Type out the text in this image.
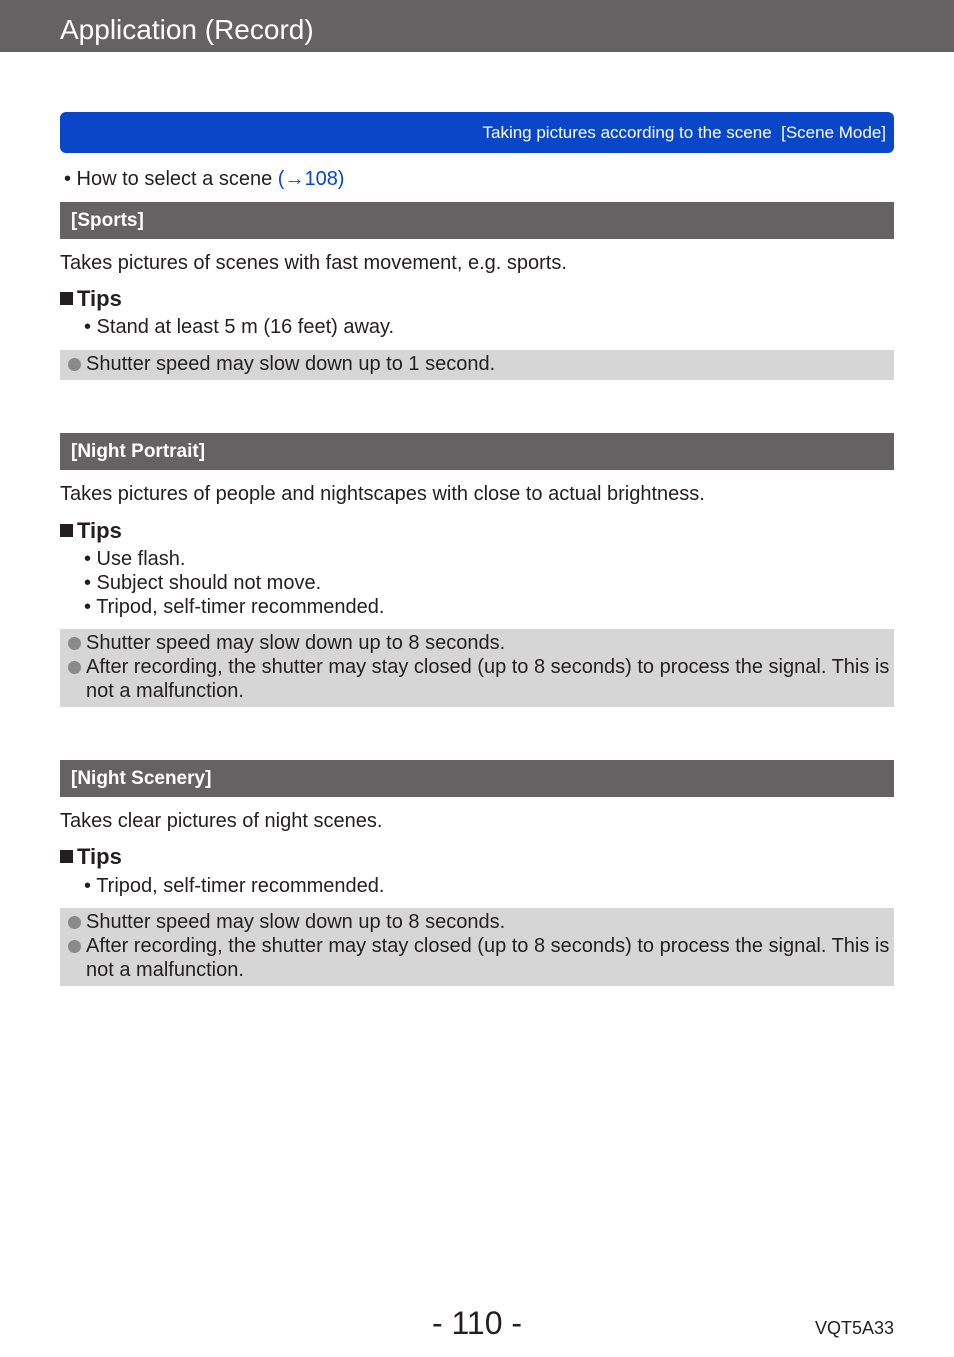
Application (Record)
Taking pictures according to the scene  [Scene Mode]
• How to select a scene (→108)
[Sports]
Takes pictures of scenes with fast movement, e.g. sports.
Tips
• Stand at least 5 m (16 feet) away.
Shutter speed may slow down up to 1 second.
[Night Portrait]
Takes pictures of people and nightscapes with close to actual brightness.
Tips
• Use flash.
• Subject should not move.
• Tripod, self-timer recommended.
Shutter speed may slow down up to 8 seconds.
After recording, the shutter may stay closed (up to 8 seconds) to process the signal. This is not a malfunction.
[Night Scenery]
Takes clear pictures of night scenes.
Tips
• Tripod, self-timer recommended.
Shutter speed may slow down up to 8 seconds.
After recording, the shutter may stay closed (up to 8 seconds) to process the signal. This is not a malfunction.
- 110 -	VQT5A33
